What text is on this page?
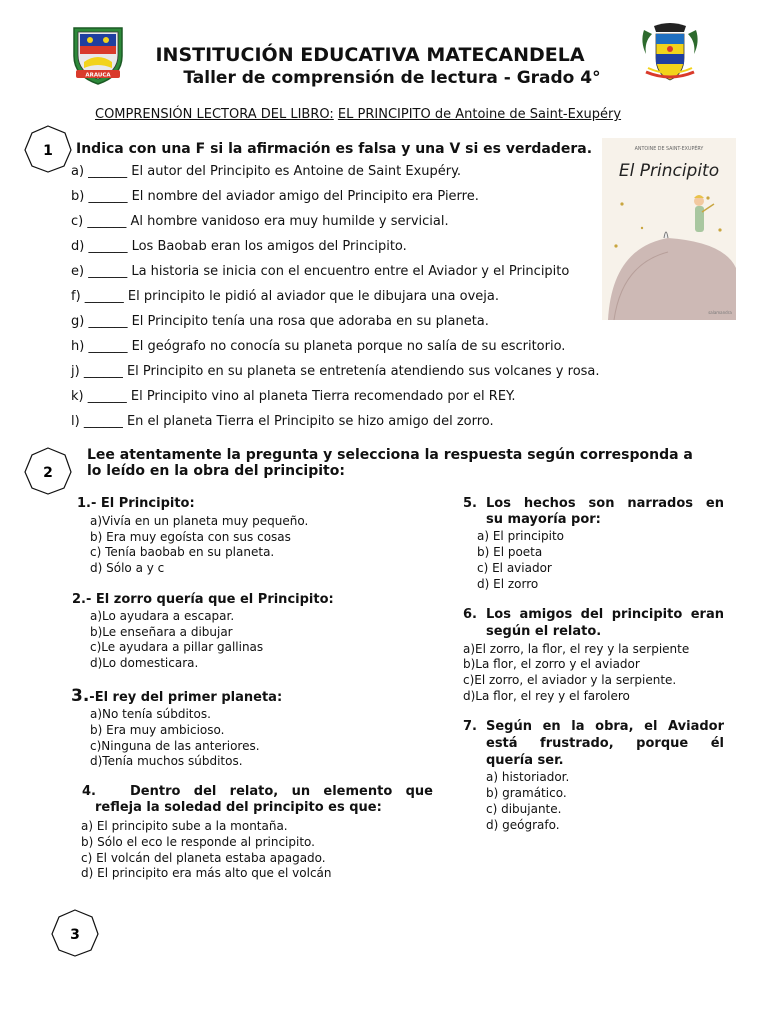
ARAUCA
INSTITUCIÓN EDUCATIVA MATECANDELA
Taller de comprensión de lectura - Grado 4°
COMPRENSIÓN LECTORA DEL LIBRO: EL PRINCIPITO de Antoine de Saint-Exupéry
1 Indica con una F si la afirmación es falsa y una V si es verdadera.
a) ______ El autor del Principito es Antoine de Saint Exupéry.
b) ______ El nombre del aviador amigo del Principito era Pierre.
c) ______ Al hombre vanidoso era muy humilde y servicial.
d) ______ Los Baobab eran los amigos del Principito.
e) ______ La historia se inicia con el encuentro entre el Aviador y el Principito
f) ______ El principito le pidió al aviador que le dibujara una oveja.
g) ______ El Principito tenía una rosa que adoraba en su planeta.
h) ______ El geógrafo no conocía su planeta porque no salía de su escritorio.
j) ______ El Principito en su planeta se entretenía atendiendo sus volcanes y rosa.
k) ______ El Principito vino al planeta Tierra recomendado por el REY.
l) ______ En el planeta Tierra el Principito se hizo amigo del zorro.
ANTOINE DE SAINT-EXUPÉRY
El Principito
salamandra
2
Lee atentamente la pregunta y selecciona la respuesta según corresponda a
lo leído en la obra del principito:
1.- El Principito:
a)Vivía en un planeta muy pequeño.
b) Era muy egoísta con sus cosas
c) Tenía baobab en su planeta.
d) Sólo a y c
2.- El zorro quería que el Principito:
a)Lo ayudara a escapar.
b)Le enseñara a dibujar
c)Le ayudara a pillar gallinas
d)Lo domesticara.
3.-El rey del primer planeta:
a)No tenía súbditos.
b) Era muy ambicioso.
c)Ninguna de las anteriores.
d)Tenía muchos súbditos.
4.	Dentro del relato, un elemento que
refleja la soledad del principito es que:
a) El principito sube a la montaña.
b) Sólo el eco le responde al principito.
c) El volcán del planeta estaba apagado.
d) El principito era más alto que el volcán
5. Los hechos son narrados en
su mayoría por:
a) El principito
b) El poeta
c) El aviador
d) El zorro
6. Los amigos del principito eran
según el relato.
a)El zorro, la flor, el rey y la serpiente
b)La flor, el zorro y el aviador
c)El zorro, el aviador y la serpiente.
d)La flor, el rey y el farolero
7. Según en la obra, el Aviador
está frustrado, porque él
quería ser.
a) historiador.
b) gramático.
c) dibujante.
d) geógrafo.
3
